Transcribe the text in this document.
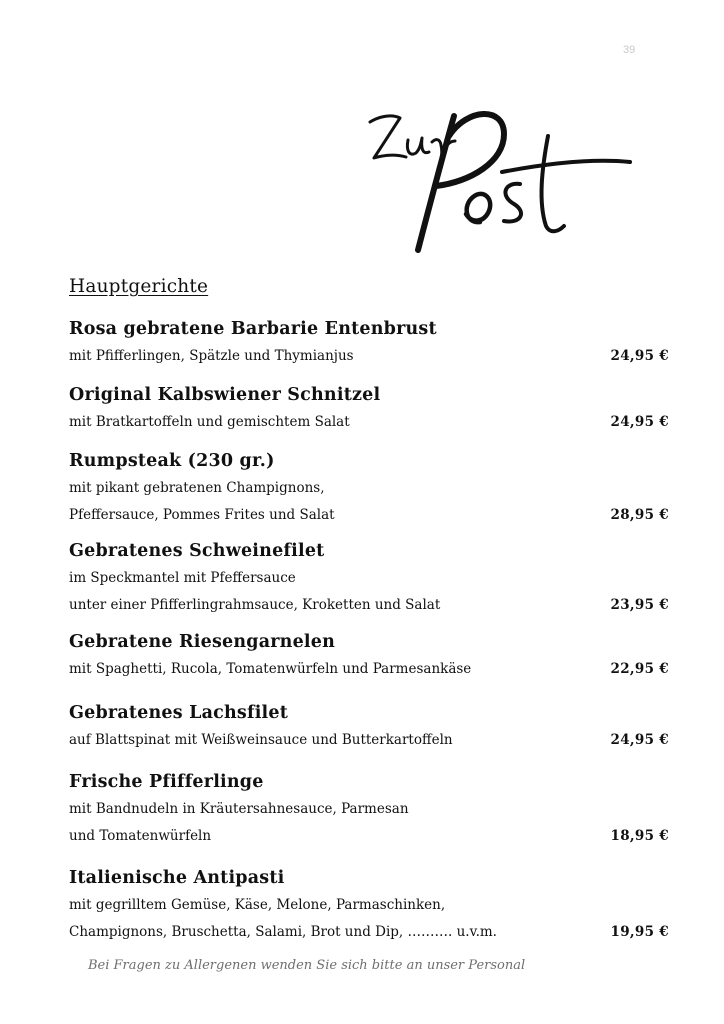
39
Zur
Post
Hauptgerichte
Rosa gebratene Barbarie Entenbrust
mit Pfifferlingen, Spätzle und Thymianjus	24,95 €
Original Kalbswiener Schnitzel
mit Bratkartoffeln und gemischtem Salat	24,95 €
Rumpsteak (230 gr.)
mit pikant gebratenen Champignons,
Pfeffersauce, Pommes Frites und Salat	28,95 €
Gebratenes Schweinefilet
im Speckmantel mit Pfeffersauce
unter einer Pfifferlingrahmsauce, Kroketten und Salat	23,95 €
Gebratene Riesengarnelen
mit Spaghetti, Rucola, Tomatenwürfeln und Parmesankäse	22,95 €
Gebratenes Lachsfilet
auf Blattspinat mit Weißweinsauce und Butterkartoffeln	24,95 €
Frische Pfifferlinge
mit Bandnudeln in Kräutersahnesauce, Parmesan
und Tomatenwürfeln	18,95 €
Italienische Antipasti
mit gegrilltem Gemüse, Käse, Melone, Parmaschinken,
Champignons, Bruschetta, Salami, Brot und Dip, ………. u.v.m.	19,95 €
Bei Fragen zu Allergenen wenden Sie sich bitte an unser Personal
